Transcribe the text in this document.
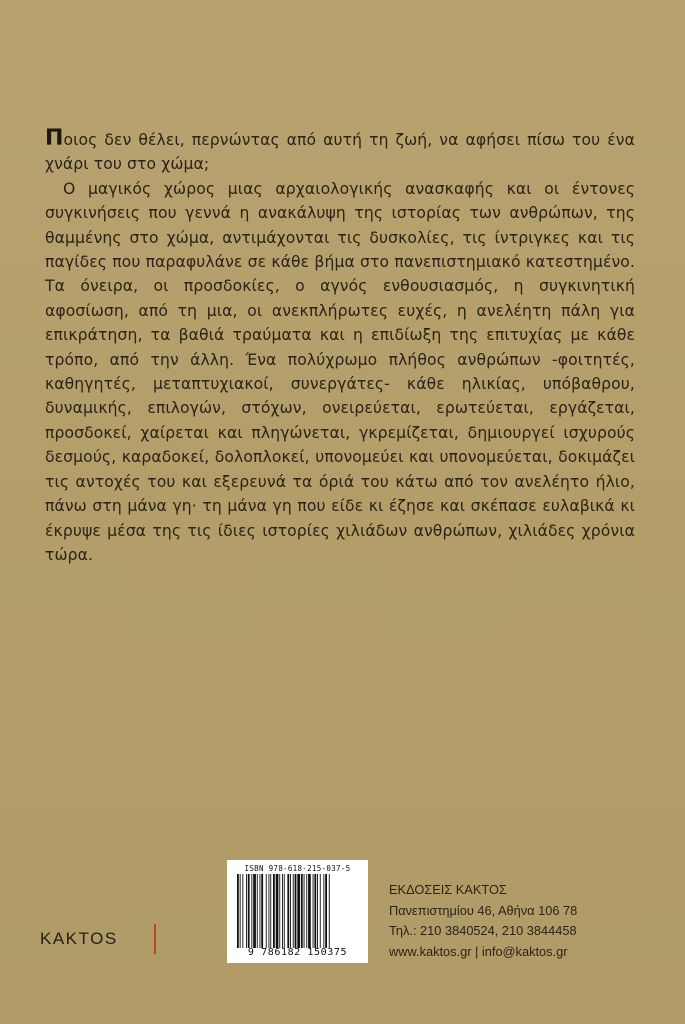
Ποιος δεν θέλει, περνώντας από αυτή τη ζωή, να αφήσει πίσω του ένα χνάρι του στο χώμα;

Ο μαγικός χώρος μιας αρχαιολογικής ανασκαφής και οι έντονες συγκινήσεις που γεννά η ανακάλυψη της ιστορίας των ανθρώπων, της θαμμένης στο χώμα, αντιμάχονται τις δυσκολίες, τις ίντριγκες και τις παγίδες που παραφυλάνε σε κάθε βήμα στο πανεπιστημιακό κατεστημένο. Τα όνειρα, οι προσδοκίες, ο αγνός ενθουσιασμός, η συγκινητική αφοσίωση, από τη μια, οι ανεκπλήρωτες ευχές, η ανελέητη πάλη για επικράτηση, τα βαθιά τραύματα και η επιδίωξη της επιτυχίας με κάθε τρόπο, από την άλλη. Ένα πολύχρωμο πλήθος ανθρώπων -φοιτητές, καθηγητές, μεταπτυχιακοί, συνεργάτες- κάθε ηλικίας, υπόβαθρου, δυναμικής, επιλογών, στόχων, ονειρεύεται, ερωτεύεται, εργάζεται, προσδοκεί, χαίρεται και πληγώνεται, γκρεμίζεται, δημιουργεί ισχυρούς δεσμούς, καραδοκεί, δολοπλοκεί, υπονομεύει και υπονομεύεται, δοκιμάζει τις αντοχές του και εξερευνά τα όριά του κάτω από τον ανελέητο ήλιο, πάνω στη μάνα γη· τη μάνα γη που είδε κι έζησε και σκέπασε ευλαβικά κι έκρυψε μέσα της τις ίδιες ιστορίες χιλιάδων ανθρώπων, χιλιάδες χρόνια τώρα.

KAKTOS
ISBN 978-618-215-037-5
9 786182 150375
ΕΚΔΟΣΕΙΣ ΚΑΚΤΟΣ
Πανεπιστημίου 46, Αθήνα 106 78
Τηλ.: 210 3840524, 210 3844458
www.kaktos.gr | info@kaktos.gr
